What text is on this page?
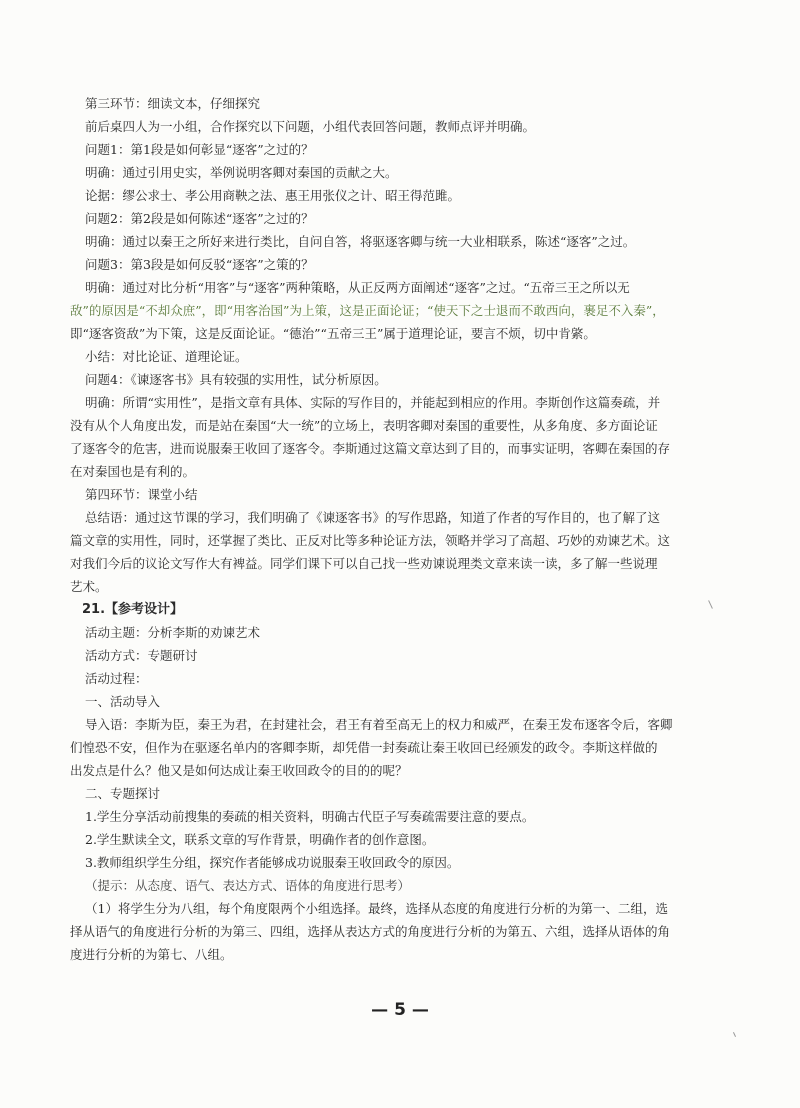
第三环节：细读文本，仔细探究
前后桌四人为一小组，合作探究以下问题，小组代表回答问题，教师点评并明确。
问题1：第1段是如何彰显“逐客”之过的？
明确：通过引用史实，举例说明客卿对秦国的贡献之大。
论据：缪公求士、孝公用商鞅之法、惠王用张仪之计、昭王得范雎。
问题2：第2段是如何陈述“逐客”之过的？
明确：通过以秦王之所好来进行类比，自问自答，将驱逐客卿与统一大业相联系，陈述“逐客”之过。
问题3：第3段是如何反驳“逐客”之策的？
明确：通过对比分析“用客”与“逐客”两种策略，从正反两方面阐述“逐客”之过。“五帝三王之所以无
敌”的原因是“不却众庶”，即“用客治国”为上策，这是正面论证；“使天下之士退而不敢西向，裹足不入秦”，
即“逐客资敌”为下策，这是反面论证。“德治”“五帝三王”属于道理论证，要言不烦，切中肯綮。
小结：对比论证、道理论证。
问题4：《谏逐客书》具有较强的实用性，试分析原因。
明确：所谓“实用性”，是指文章有具体、实际的写作目的，并能起到相应的作用。李斯创作这篇奏疏，并
没有从个人角度出发，而是站在秦国“大一统”的立场上，表明客卿对秦国的重要性，从多角度、多方面论证
了逐客令的危害，进而说服秦王收回了逐客令。李斯通过这篇文章达到了目的，而事实证明，客卿在秦国的存
在对秦国也是有利的。
第四环节：课堂小结
总结语：通过这节课的学习，我们明确了《谏逐客书》的写作思路，知道了作者的写作目的，也了解了这
篇文章的实用性，同时，还掌握了类比、正反对比等多种论证方法，领略并学习了高超、巧妙的劝谏艺术。这
对我们今后的议论文写作大有裨益。同学们课下可以自己找一些劝谏说理类文章来读一读，多了解一些说理
艺术。
21.【参考设计】
活动主题：分析李斯的劝谏艺术
活动方式：专题研讨
活动过程：
一、活动导入
导入语：李斯为臣，秦王为君，在封建社会，君王有着至高无上的权力和威严，在秦王发布逐客令后，客卿
们惶恐不安，但作为在驱逐名单内的客卿李斯，却凭借一封奏疏让秦王收回已经颁发的政令。李斯这样做的
出发点是什么？他又是如何达成让秦王收回政令的目的的呢？
二、专题探讨
1.学生分享活动前搜集的奏疏的相关资料，明确古代臣子写奏疏需要注意的要点。
2.学生默读全文，联系文章的写作背景，明确作者的创作意图。
3.教师组织学生分组，探究作者能够成功说服秦王收回政令的原因。
（提示：从态度、语气、表达方式、语体的角度进行思考）
（1）将学生分为八组，每个角度限两个小组选择。最终，选择从态度的角度进行分析的为第一、二组，选
择从语气的角度进行分析的为第三、四组，选择从表达方式的角度进行分析的为第五、六组，选择从语体的角
度进行分析的为第七、八组。
— 5 —
